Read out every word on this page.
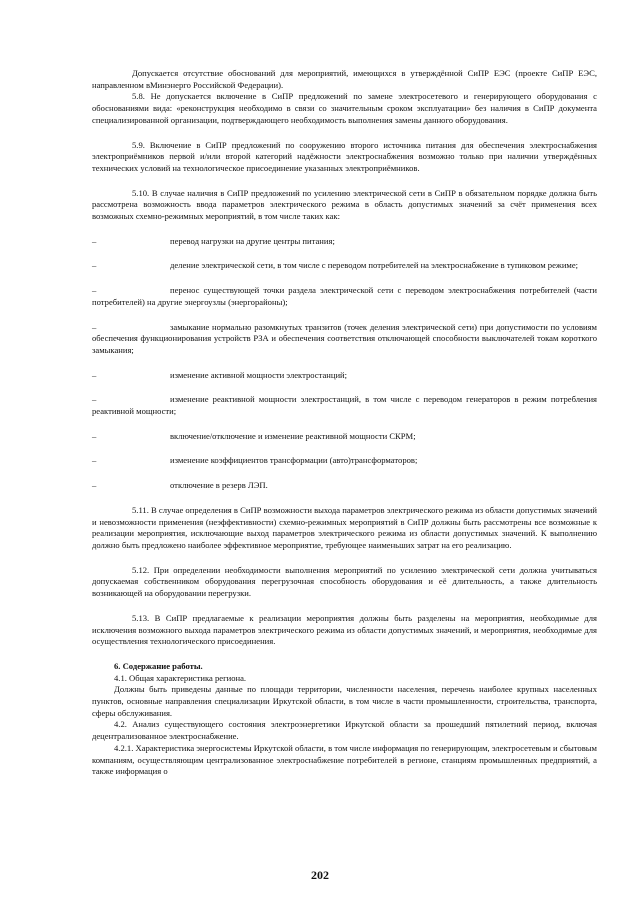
Допускается отсутствие обоснований для мероприятий, имеющихся в утверждённой СиПР ЕЭС (проекте СиПР ЕЭС, направленном вМинэнерго Российской Федерации).

5.8. Не допускается включение в СиПР предложений по замене электросетевого и генерирующего оборудования с обоснованиями вида: «реконструкция необходимо в связи со значительным сроком эксплуатации» без наличия в СиПР документа специализированной организации, подтверждающего необходимость выполнения замены данного оборудования.

5.9. Включение в СиПР предложений по сооружению второго источника питания для обеспечения электроснабжения электроприёмников первой и/или второй категорий надёжности электроснабжения возможно только при наличии утверждённых технических условий на технологическое присоединение указанных электроприёмников.

5.10. В случае наличия в СиПР предложений по усилению электрической сети в СиПР в обязательном порядке должна быть рассмотрена возможность ввода параметров электрического режима в область допустимых значений за счёт применения всех возможных схемно-режимных мероприятий, в том числе таких как:

–	перевод нагрузки на другие центры питания;
–	деление электрической сети, в том числе с переводом потребителей на электроснабжение в тупиковом режиме;
–	перенос существующей точки раздела электрической сети с переводом электроснабжения потребителей (части потребителей) на другие энергоузлы (энергорайоны);
–	замыкание нормально разомкнутых транзитов (точек деления электрической сети) при допустимости по условиям обеспечения функционирования устройств РЗА и обеспечения соответствия отключающей способности выключателей токам короткого замыкания;
–	изменение активной мощности электростанций;
–	изменение реактивной мощности электростанций, в том числе с переводом генераторов в режим потребления реактивной мощности;
–	включение/отключение и изменение реактивной мощности СКРМ;
–	изменение коэффициентов трансформации (авто)трансформаторов;
–	отключение в резерв ЛЭП.

5.11. В случае определения в СиПР возможности выхода параметров электрического режима из области допустимых значений и невозможности применения (неэффективности) схемно-режимных мероприятий в СиПР должны быть рассмотрены все возможные к реализации мероприятия, исключающие выход параметров электрического режима из области допустимых значений. К выполнению должно быть предложено наиболее эффективное мероприятие, требующее наименьших затрат на его реализацию.

5.12. При определении необходимости выполнения мероприятий по усилению электрической сети должна учитываться допускаемая собственником оборудования перегрузочная способность оборудования и её длительность, а также длительность возникающей на оборудовании перегрузки.

5.13. В СиПР предлагаемые к реализации мероприятия должны быть разделены на мероприятия, необходимые для исключения возможного выхода параметров электрического режима из области допустимых значений, и мероприятия, необходимые для осуществления технологического присоединения.

6. Содержание работы.

4.1. Общая характеристика региона.

Должны быть приведены данные по площади территории, численности населения, перечень наиболее крупных населенных пунктов, основные направления специализации Иркутской области, в том числе в части промышленности, строительства, транспорта, сферы обслуживания.

4.2. Анализ существующего состояния электроэнергетики Иркутской области за прошедший пятилетний период, включая децентрализованное электроснабжение.

4.2.1. Характеристика энергосистемы Иркутской области, в том числе информация по генерирующим, электросетевым и сбытовым компаниям, осуществляющим централизованное электроснабжение потребителей в регионе, станциям промышленных предприятий, а также информация о

202
